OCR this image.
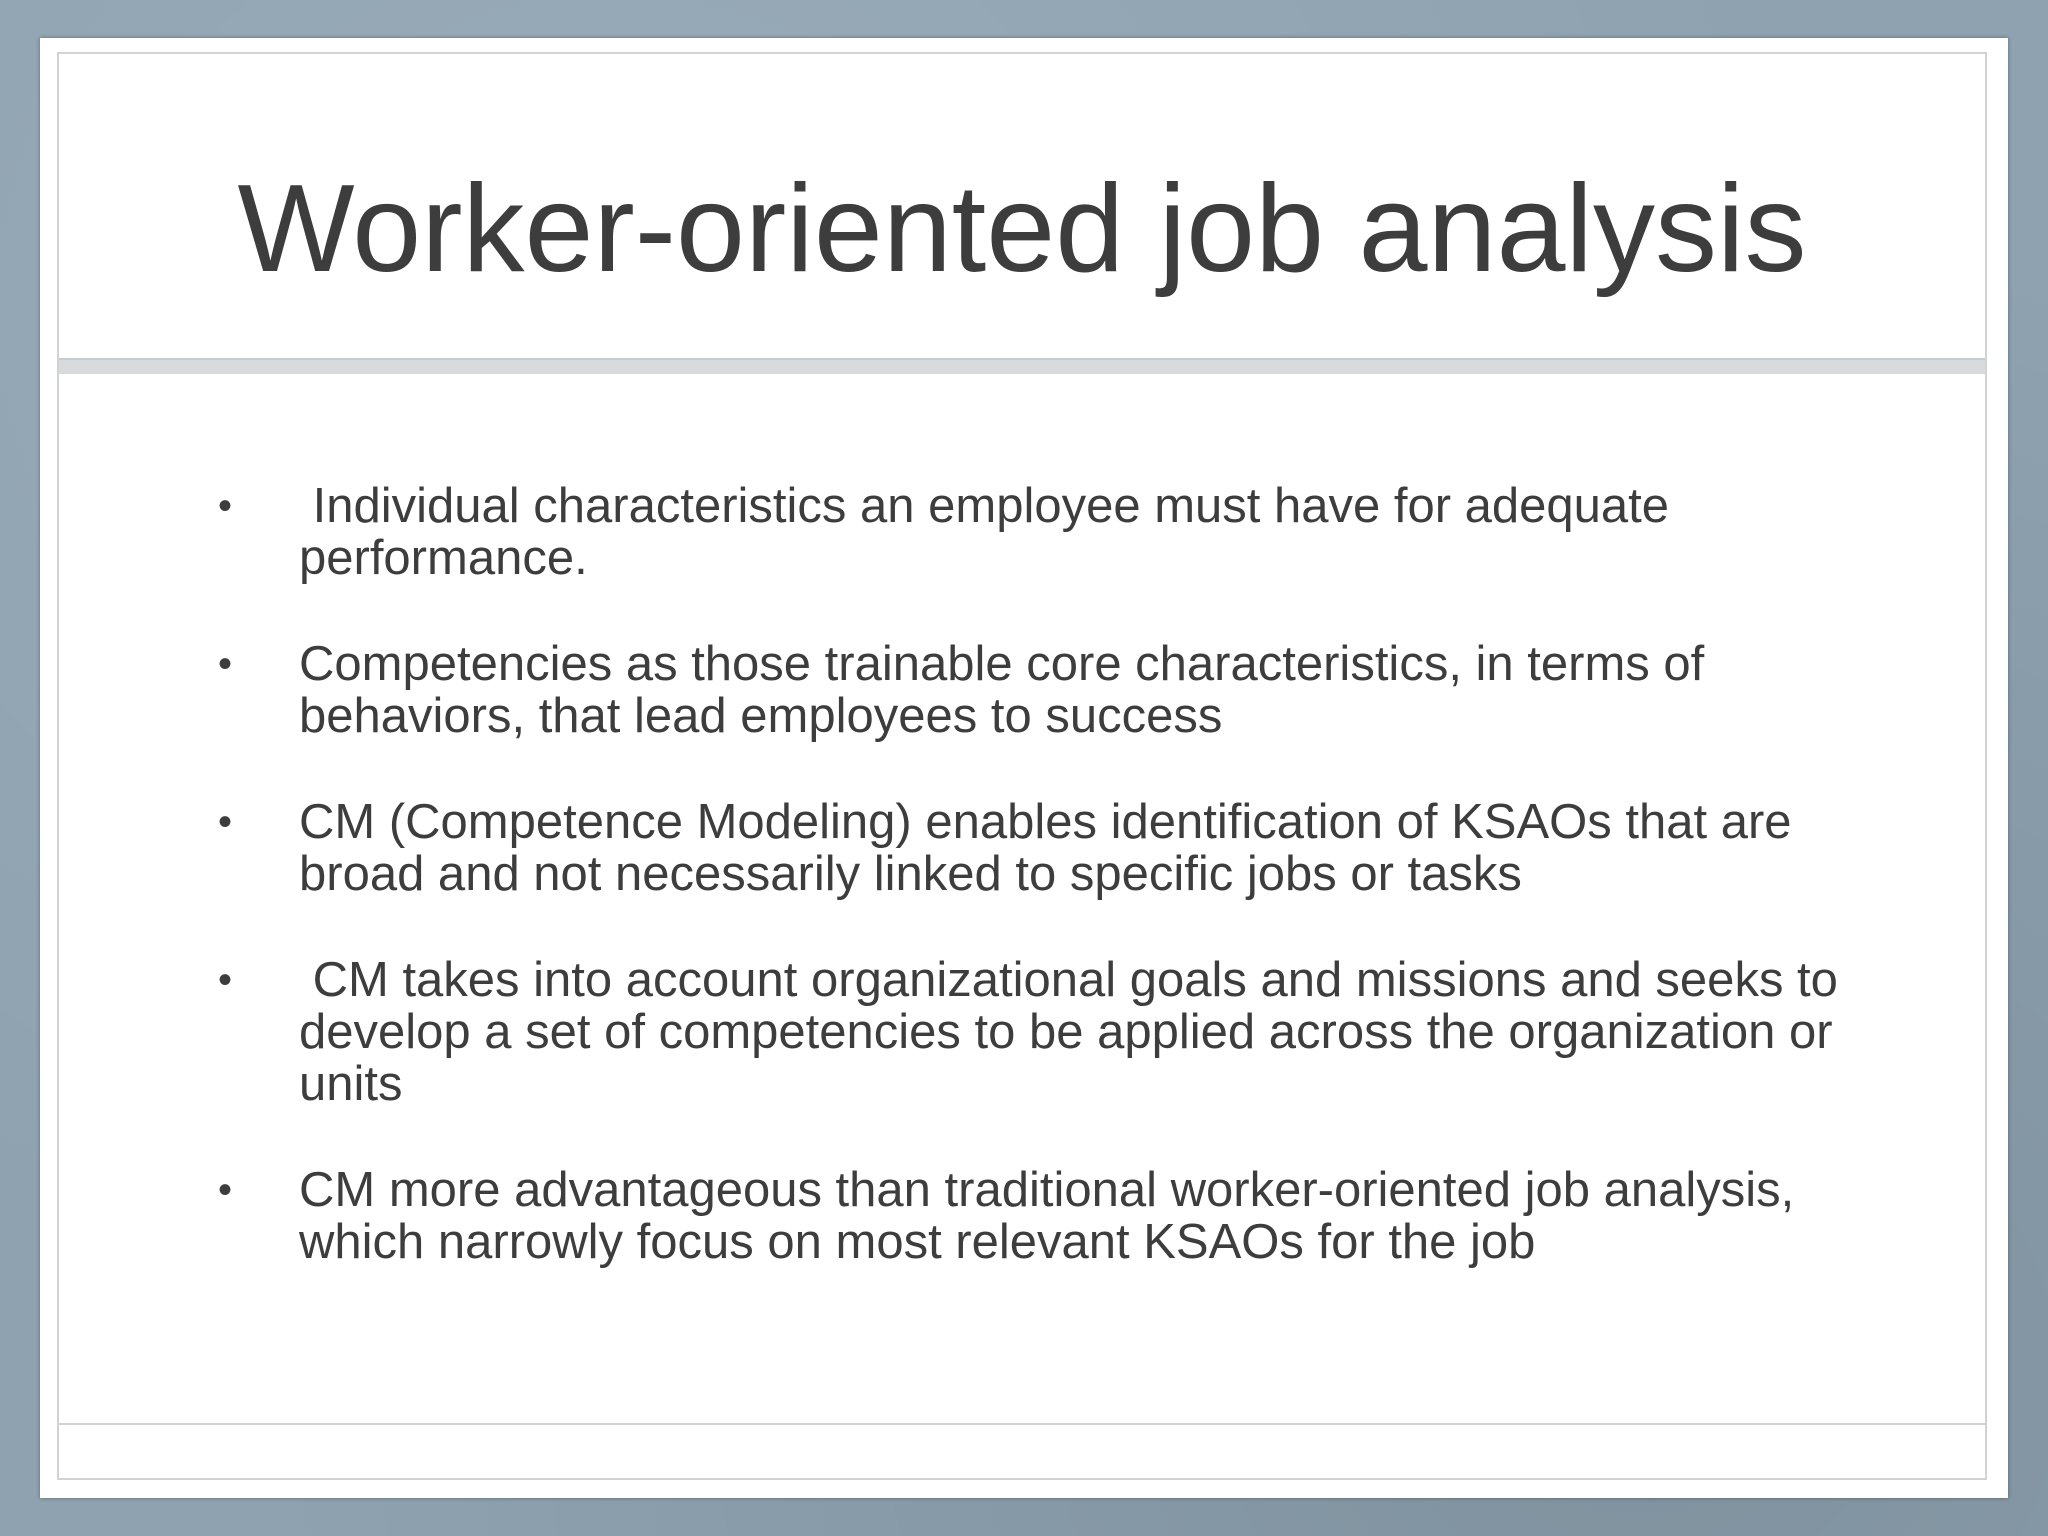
Worker-oriented job analysis
•	Individual characteristics an employee must have for adequate performance.
•	Competencies as those trainable core characteristics, in terms of behaviors, that lead employees to success
•	CM (Competence Modeling) enables identification of KSAOs that are broad and not necessarily linked to specific jobs or tasks
•	CM takes into account organizational goals and missions and seeks to develop a set of competencies to be applied across the organization or units
•	CM more advantageous than traditional worker-oriented job analysis, which narrowly focus on most relevant KSAOs for the job
